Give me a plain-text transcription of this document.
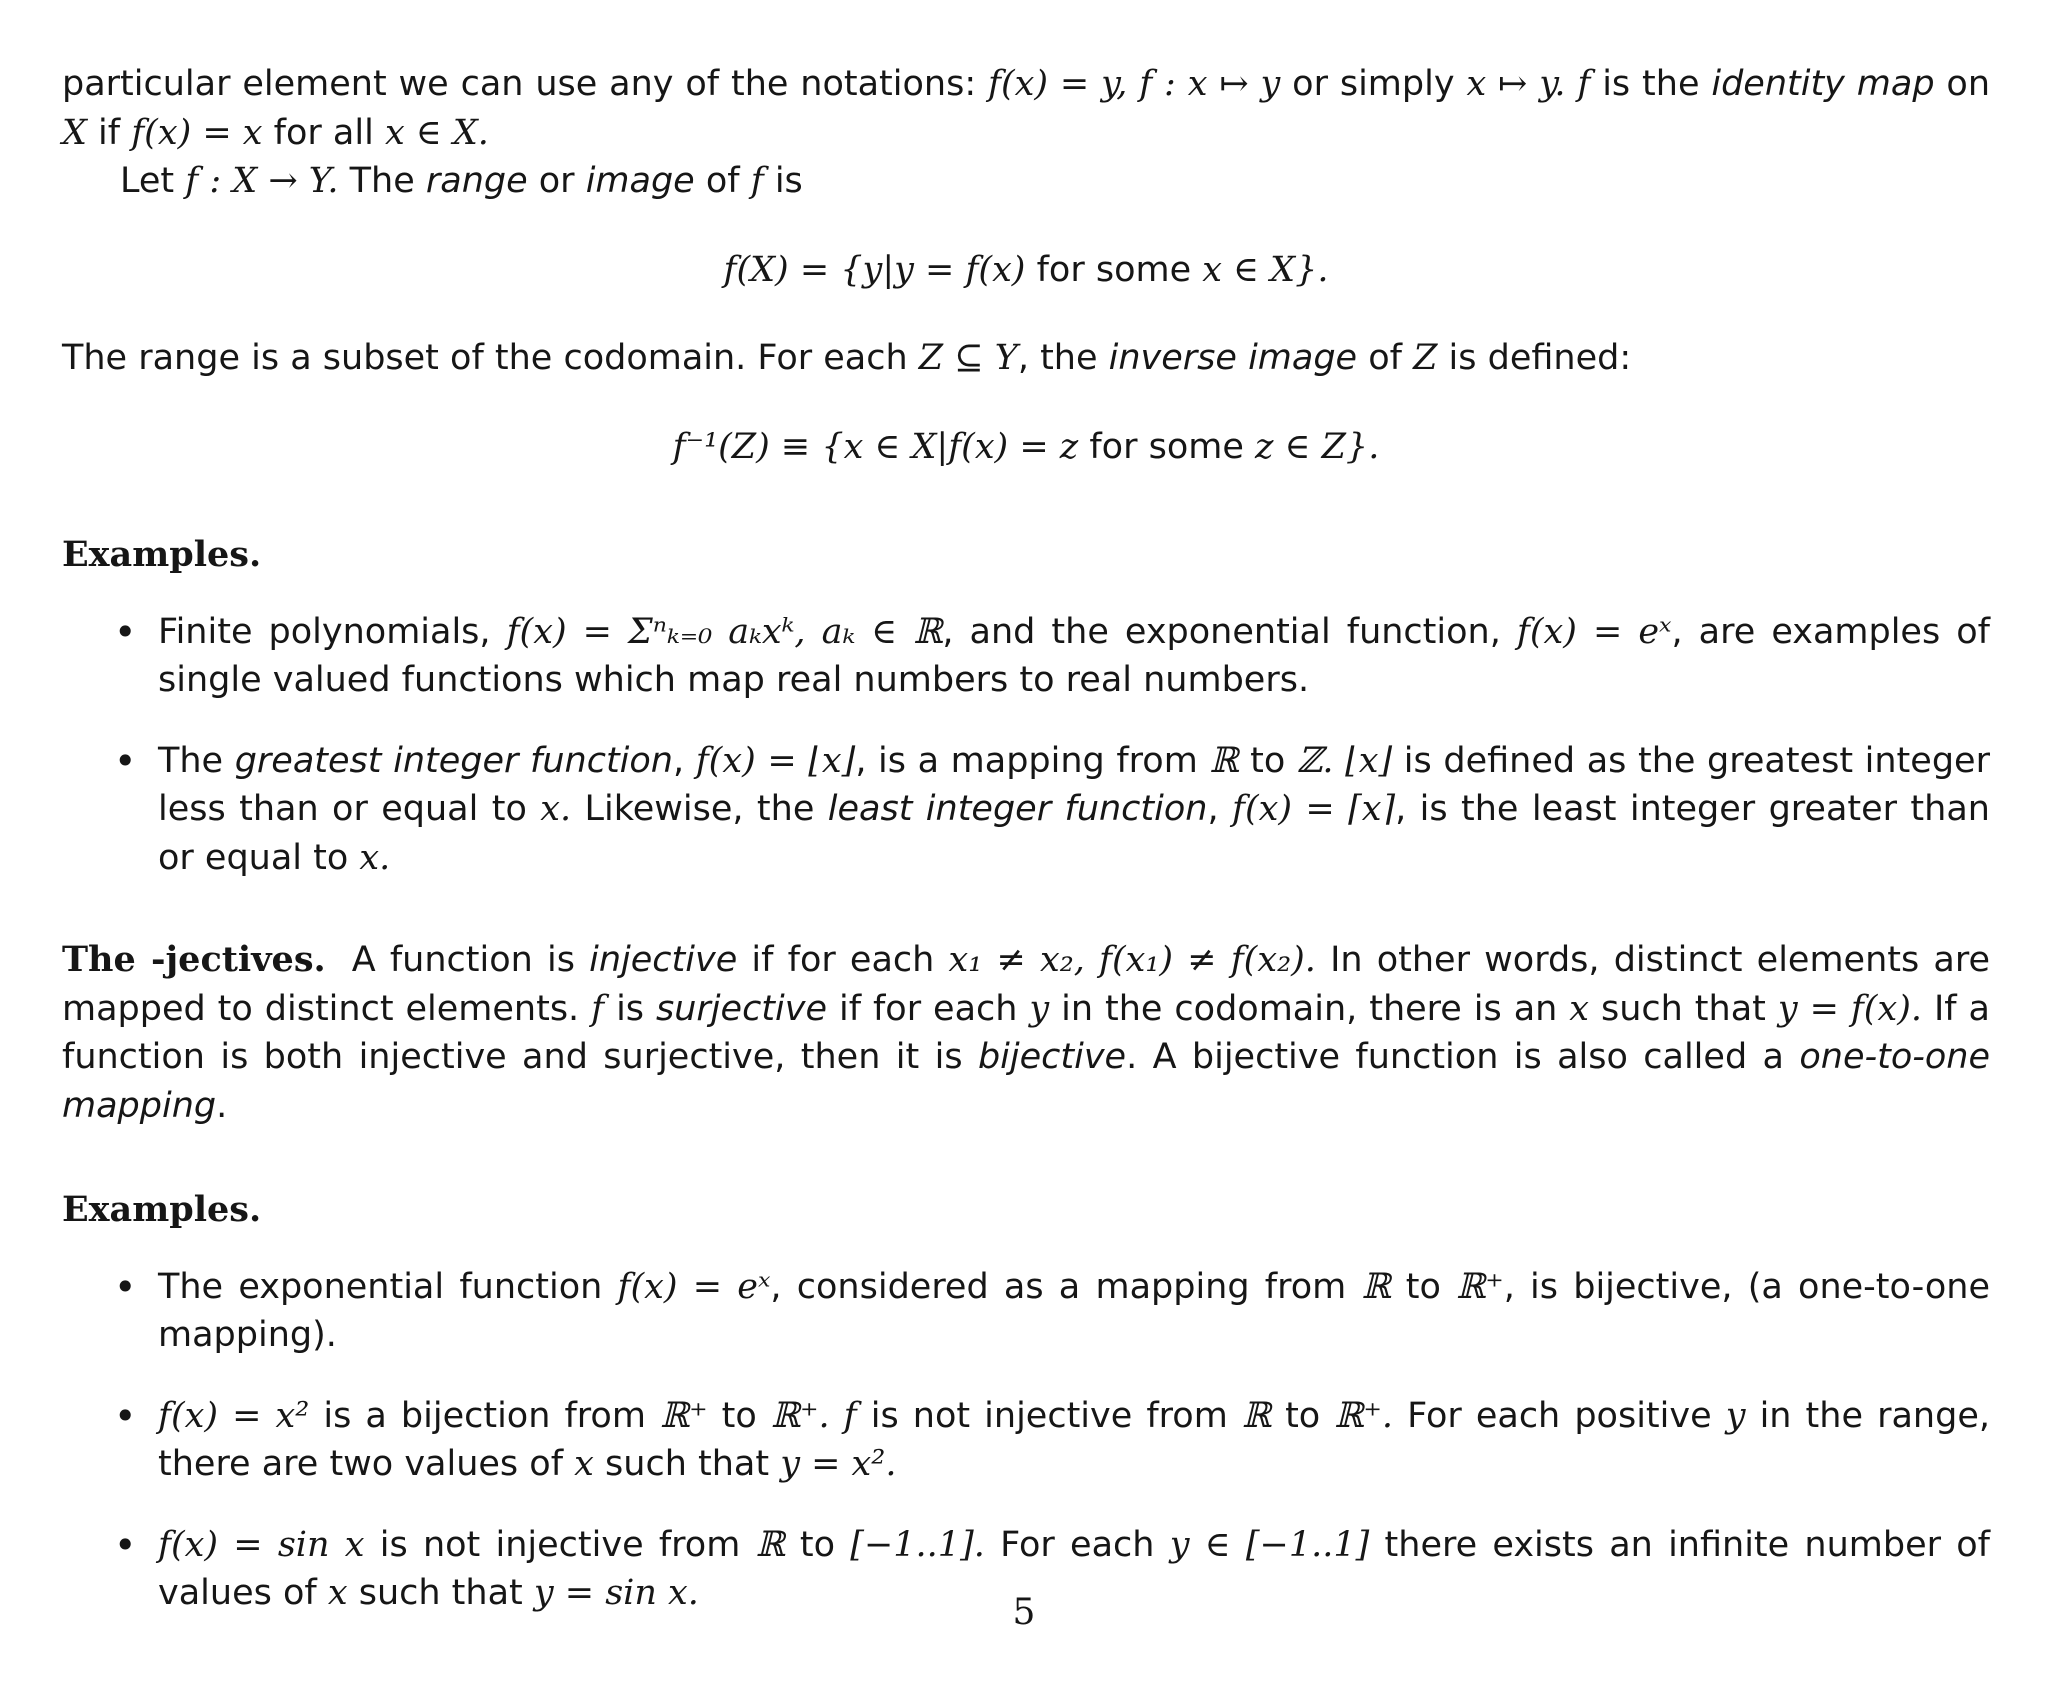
particular element we can use any of the notations: f(x) = y, f : x ↦ y or simply x ↦ y. f is the identity map on X if f(x) = x for all x ∈ X.

Let f : X → Y. The range or image of f is

f(X) = {y|y = f(x) for some x ∈ X}.

The range is a subset of the codomain. For each Z ⊆ Y, the inverse image of Z is defined:

f⁻¹(Z) ≡ {x ∈ X|f(x) = z for some z ∈ Z}.
Examples.
• Finite polynomials, f(x) = Σⁿₖ₌₀ aₖxᵏ, aₖ ∈ ℝ, and the exponential function, f(x) = eˣ, are examples of single valued functions which map real numbers to real numbers.
• The greatest integer function, f(x) = ⌊x⌋, is a mapping from ℝ to ℤ. ⌊x⌋ is defined as the greatest integer less than or equal to x. Likewise, the least integer function, f(x) = ⌈x⌉, is the least integer greater than or equal to x.

The -jectives. A function is injective if for each x₁ ≠ x₂, f(x₁) ≠ f(x₂). In other words, distinct elements are mapped to distinct elements. f is surjective if for each y in the codomain, there is an x such that y = f(x). If a function is both injective and surjective, then it is bijective. A bijective function is also called a one-to-one mapping.

Examples.
• The exponential function f(x) = eˣ, considered as a mapping from ℝ to ℝ⁺, is bijective, (a one-to-one mapping).
• f(x) = x² is a bijection from ℝ⁺ to ℝ⁺. f is not injective from ℝ to ℝ⁺. For each positive y in the range, there are two values of x such that y = x².
• f(x) = sin x is not injective from ℝ to [−1..1]. For each y ∈ [−1..1] there exists an infinite number of values of x such that y = sin x.	5
